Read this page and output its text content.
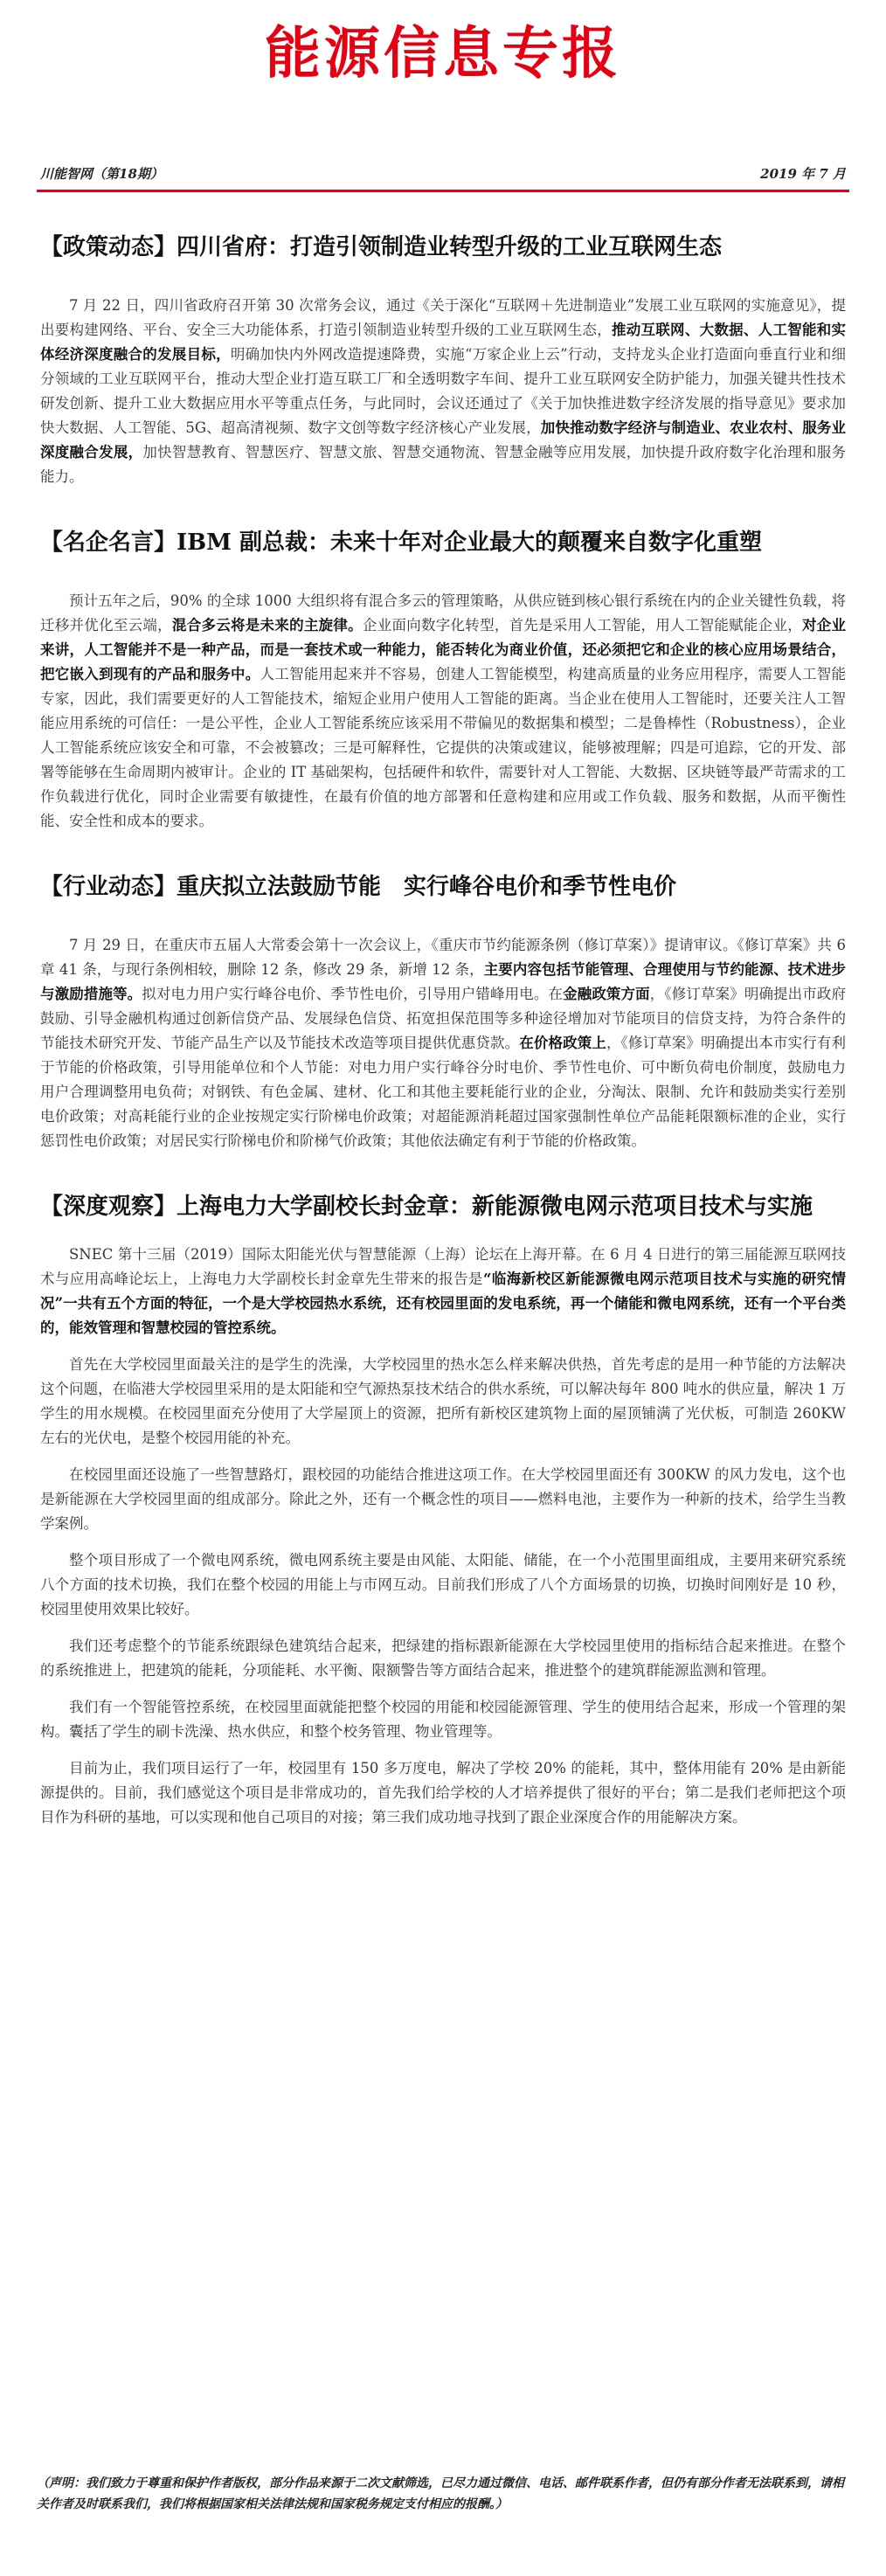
能源信息专报
川能智网（第18期）	2019 年 7 月
【政策动态】四川省府：打造引领制造业转型升级的工业互联网生态

7 月 22 日，四川省政府召开第 30 次常务会议，通过《关于深化“互联网＋先进制造业”发展工业互联网的实施意见》，提出要构建网络、平台、安全三大功能体系，打造引领制造业转型升级的工业互联网生态，推动互联网、大数据、人工智能和实体经济深度融合的发展目标，明确加快内外网改造提速降费，实施“万家企业上云”行动，支持龙头企业打造面向垂直行业和细分领域的工业互联网平台，推动大型企业打造互联工厂和全透明数字车间、提升工业互联网安全防护能力，加强关键共性技术研发创新、提升工业大数据应用水平等重点任务，与此同时，会议还通过了《关于加快推进数字经济发展的指导意见》要求加快大数据、人工智能、5G、超高清视频、数字文创等数字经济核心产业发展，加快推动数字经济与制造业、农业农村、服务业深度融合发展，加快智慧教育、智慧医疗、智慧文旅、智慧交通物流、智慧金融等应用发展，加快提升政府数字化治理和服务能力。

【名企名言】IBM 副总裁：未来十年对企业最大的颠覆来自数字化重塑

预计五年之后，90% 的全球 1000 大组织将有混合多云的管理策略，从供应链到核心银行系统在内的企业关键性负载，将迁移并优化至云端，混合多云将是未来的主旋律。企业面向数字化转型，首先是采用人工智能，用人工智能赋能企业，对企业来讲，人工智能并不是一种产品，而是一套技术或一种能力，能否转化为商业价值，还必须把它和企业的核心应用场景结合，把它嵌入到现有的产品和服务中。人工智能用起来并不容易，创建人工智能模型，构建高质量的业务应用程序，需要人工智能专家，因此，我们需要更好的人工智能技术，缩短企业用户使用人工智能的距离。当企业在使用人工智能时，还要关注人工智能应用系统的可信任：一是公平性，企业人工智能系统应该采用不带偏见的数据集和模型；二是鲁棒性（Robustness），企业人工智能系统应该安全和可靠，不会被篡改；三是可解释性，它提供的决策或建议，能够被理解；四是可追踪，它的开发、部署等能够在生命周期内被审计。企业的 IT 基础架构，包括硬件和软件，需要针对人工智能、大数据、区块链等最严苛需求的工作负载进行优化，同时企业需要有敏捷性，在最有价值的地方部署和任意构建和应用或工作负载、服务和数据，从而平衡性能、安全性和成本的要求。

【行业动态】重庆拟立法鼓励节能　实行峰谷电价和季节性电价

7 月 29 日，在重庆市五届人大常委会第十一次会议上，《重庆市节约能源条例（修订草案）》提请审议。《修订草案》共 6 章 41 条，与现行条例相较，删除 12 条，修改 29 条，新增 12 条，主要内容包括节能管理、合理使用与节约能源、技术进步与激励措施等。拟对电力用户实行峰谷电价、季节性电价，引导用户错峰用电。在金融政策方面，《修订草案》明确提出市政府鼓励、引导金融机构通过创新信贷产品、发展绿色信贷、拓宽担保范围等多种途径增加对节能项目的信贷支持，为符合条件的节能技术研究开发、节能产品生产以及节能技术改造等项目提供优惠贷款。在价格政策上，《修订草案》明确提出本市实行有利于节能的价格政策，引导用能单位和个人节能：对电力用户实行峰谷分时电价、季节性电价、可中断负荷电价制度，鼓励电力用户合理调整用电负荷；对钢铁、有色金属、建材、化工和其他主要耗能行业的企业，分淘汰、限制、允许和鼓励类实行差别电价政策；对高耗能行业的企业按规定实行阶梯电价政策；对超能源消耗超过国家强制性单位产品能耗限额标准的企业，实行惩罚性电价政策；对居民实行阶梯电价和阶梯气价政策；其他依法确定有利于节能的价格政策。

【深度观察】上海电力大学副校长封金章：新能源微电网示范项目技术与实施

SNEC 第十三届（2019）国际太阳能光伏与智慧能源（上海）论坛在上海开幕。在 6 月 4 日进行的第三届能源互联网技术与应用高峰论坛上，上海电力大学副校长封金章先生带来的报告是“临海新校区新能源微电网示范项目技术与实施的研究情况”一共有五个方面的特征，一个是大学校园热水系统，还有校园里面的发电系统，再一个储能和微电网系统，还有一个平台类的，能效管理和智慧校园的管控系统。

首先在大学校园里面最关注的是学生的洗澡，大学校园里的热水怎么样来解决供热，首先考虑的是用一种节能的方法解决这个问题，在临港大学校园里采用的是太阳能和空气源热泵技术结合的供水系统，可以解决每年 800 吨水的供应量，解决 1 万学生的用水规模。在校园里面充分使用了大学屋顶上的资源，把所有新校区建筑物上面的屋顶铺满了光伏板，可制造 260KW 左右的光伏电，是整个校园用能的补充。

在校园里面还设施了一些智慧路灯，跟校园的功能结合推进这项工作。在大学校园里面还有 300KW 的风力发电，这个也是新能源在大学校园里面的组成部分。除此之外，还有一个概念性的项目——燃料电池，主要作为一种新的技术，给学生当教学案例。

整个项目形成了一个微电网系统，微电网系统主要是由风能、太阳能、储能，在一个小范围里面组成，主要用来研究系统八个方面的技术切换，我们在整个校园的用能上与市网互动。目前我们形成了八个方面场景的切换，切换时间刚好是 10 秒，校园里使用效果比较好。

我们还考虑整个的节能系统跟绿色建筑结合起来，把绿建的指标跟新能源在大学校园里使用的指标结合起来推进。在整个的系统推进上，把建筑的能耗，分项能耗、水平衡、限额警告等方面结合起来，推进整个的建筑群能源监测和管理。

我们有一个智能管控系统，在校园里面就能把整个校园的用能和校园能源管理、学生的使用结合起来，形成一个管理的架构。囊括了学生的刷卡洗澡、热水供应，和整个校务管理、物业管理等。

目前为止，我们项目运行了一年，校园里有 150 多万度电，解决了学校 20% 的能耗，其中，整体用能有 20% 是由新能源提供的。目前，我们感觉这个项目是非常成功的，首先我们给学校的人才培养提供了很好的平台；第二是我们老师把这个项目作为科研的基地，可以实现和他自己项目的对接；第三我们成功地寻找到了跟企业深度合作的用能解决方案。

（声明：我们致力于尊重和保护作者版权，部分作品来源于二次文献筛选，已尽力通过微信、电话、邮件联系作者，但仍有部分作者无法联系到，请相关作者及时联系我们，我们将根据国家相关法律法规和国家税务规定支付相应的报酬。）
